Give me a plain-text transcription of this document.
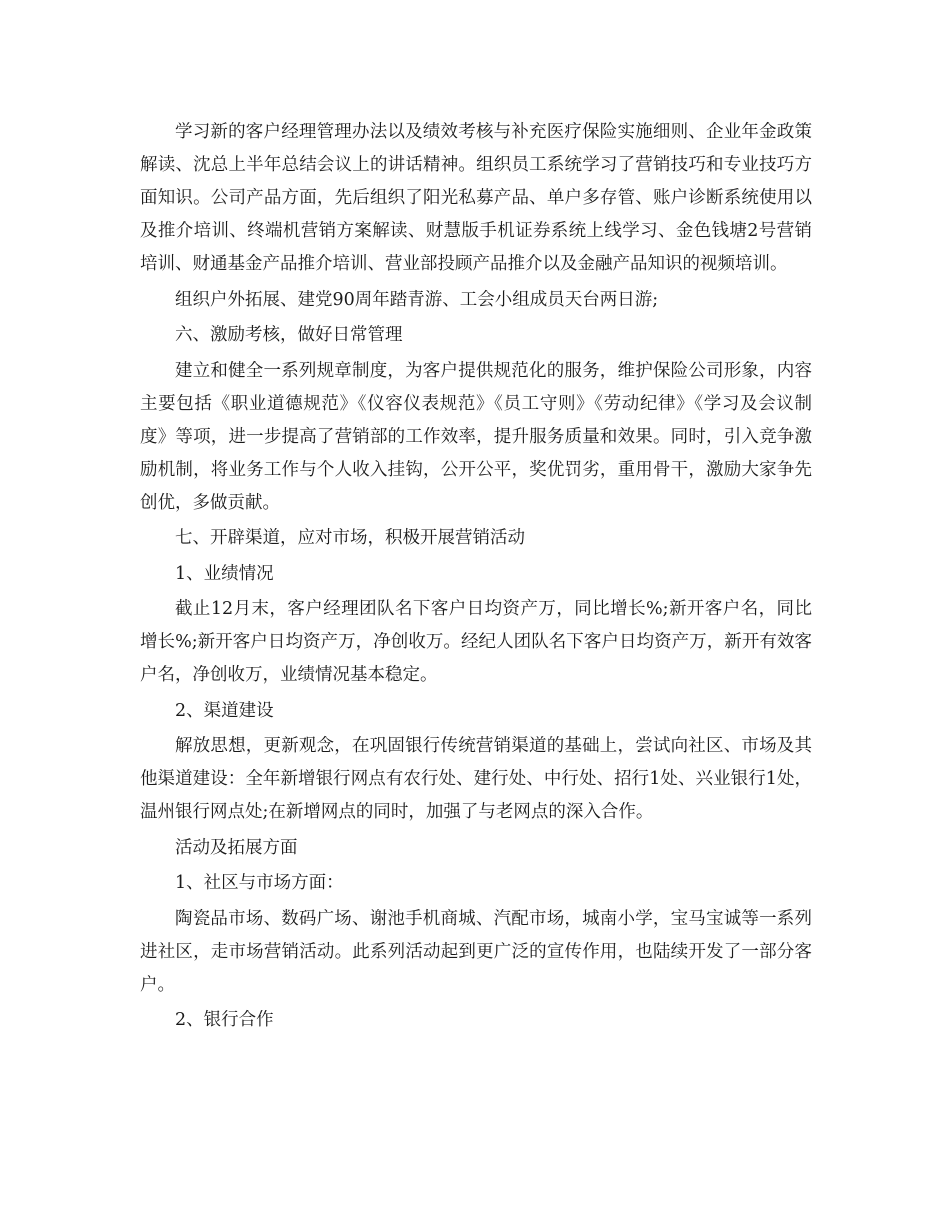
学习新的客户经理管理办法以及绩效考核与补充医疗保险实施细则、企业年金政策解读、沈总上半年总结会议上的讲话精神。组织员工系统学习了营销技巧和专业技巧方面知识。公司产品方面，先后组织了阳光私募产品、单户多存管、账户诊断系统使用以及推介培训、终端机营销方案解读、财慧版手机证券系统上线学习、金色钱塘2号营销培训、财通基金产品推介培训、营业部投顾产品推介以及金融产品知识的视频培训。

组织户外拓展、建党90周年踏青游、工会小组成员天台两日游;

六、激励考核，做好日常管理

建立和健全一系列规章制度，为客户提供规范化的服务，维护保险公司形象，内容主要包括《职业道德规范》《仪容仪表规范》《员工守则》《劳动纪律》《学习及会议制度》等项，进一步提高了营销部的工作效率，提升服务质量和效果。同时，引入竞争激励机制，将业务工作与个人收入挂钩，公开公平，奖优罚劣，重用骨干，激励大家争先创优，多做贡献。

七、开辟渠道，应对市场，积极开展营销活动

1、业绩情况

截止12月末，客户经理团队名下客户日均资产万，同比增长%;新开客户名，同比增长%;新开客户日均资产万，净创收万。经纪人团队名下客户日均资产万，新开有效客户名，净创收万，业绩情况基本稳定。

2、渠道建设

解放思想，更新观念，在巩固银行传统营销渠道的基础上，尝试向社区、市场及其他渠道建设：全年新增银行网点有农行处、建行处、中行处、招行1处、兴业银行1处，温州银行网点处;在新增网点的同时，加强了与老网点的深入合作。

活动及拓展方面

1、社区与市场方面：

陶瓷品市场、数码广场、谢池手机商城、汽配市场，城南小学，宝马宝诚等一系列进社区，走市场营销活动。此系列活动起到更广泛的宣传作用，也陆续开发了一部分客户。

2、银行合作
